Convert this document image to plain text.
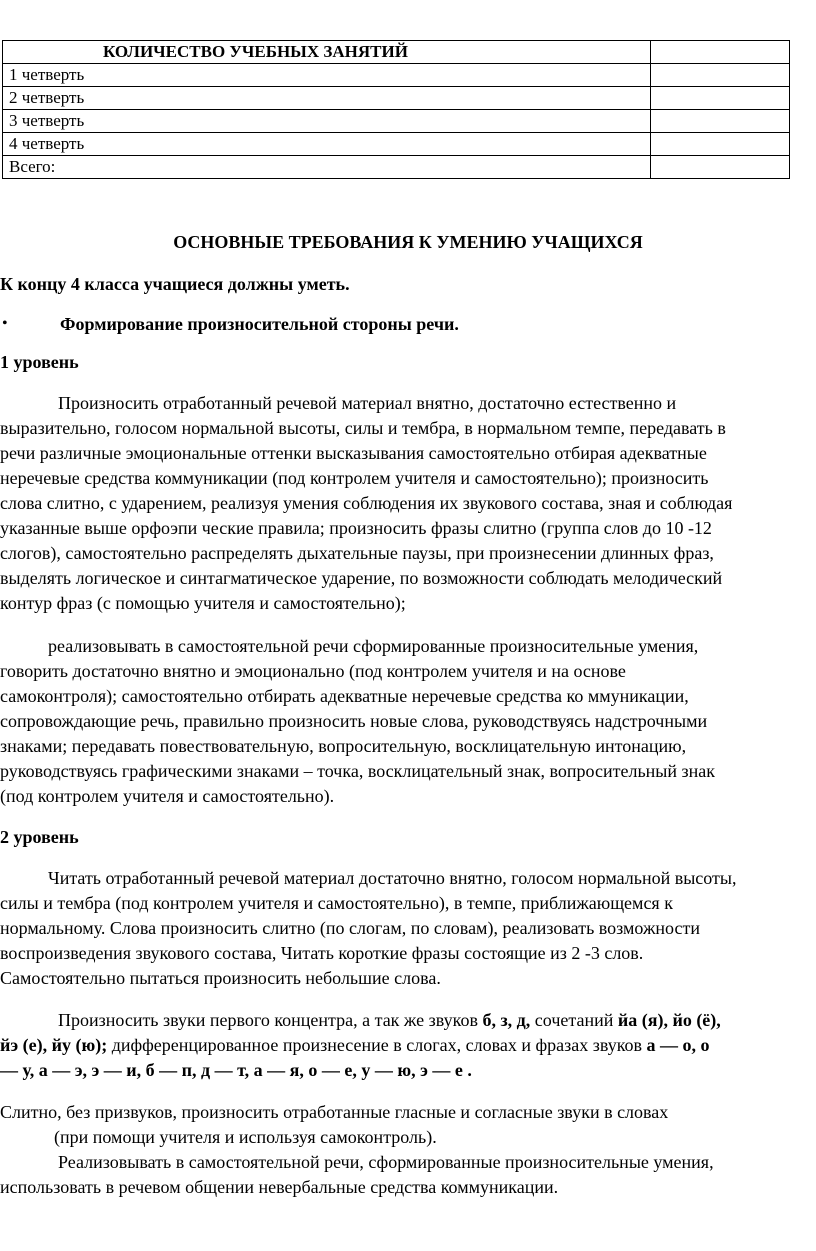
КОЛИЧЕСТВО УЧЕБНЫХ ЗАНЯТИЙ	
1 четверть	
2 четверть	
3 четверть	
4 четверть	
Всего:	
ОСНОВНЫЕ ТРЕБОВАНИЯ К УМЕНИЮ УЧАЩИХСЯ
К концу 4 класса учащиеся должны уметь.
•	Формирование произносительной стороны речи.
1 уровень
Произносить отработанный речевой материал внятно, достаточно естественно и
выразительно, голосом нормальной высоты, силы и тембра, в нормальном темпе, передавать в
речи различные эмоциональные оттенки высказывания самостоятельно отбирая адекватные
неречевые средства коммуникации (под контролем учителя и самостоятельно); произносить
слова слитно, с ударением, реализуя умения соблюдения их звукового состава, зная и соблюдая
указанные выше орфоэпи ческие правила; произносить фразы слитно (группа слов до 10 -12
слогов), самостоятельно распределять дыхательные паузы, при произнесении длинных фраз,
выделять логическое и синтагматическое ударение, по возможности соблюдать мелодический
контур фраз (с помощью учителя и самостоятельно);
реализовывать в самостоятельной речи сформированные произносительные умения,
говорить достаточно внятно и эмоционально (под контролем учителя и на основе
самоконтроля); самостоятельно отбирать адекватные неречевые средства ко ммуникации,
сопровождающие речь, правильно произносить новые слова, руководствуясь надстрочными
знаками; передавать повествовательную, вопросительную, восклицательную интонацию,
руководствуясь графическими знаками – точка, восклицательный знак, вопросительный знак
(под контролем учителя и самостоятельно).
2 уровень
Читать отработанный речевой материал достаточно внятно, голосом нормальной высоты,
силы и тембра (под контролем учителя и самостоятельно), в темпе, приближающемся к
нормальному. Слова произносить слитно (по слогам, по словам), реализовать возможности
воспроизведения звукового состава, Читать короткие фразы состоящие из 2 -3 слов.
Самостоятельно пытаться произносить небольшие слова.
Произносить звуки первого концентра, а так же звуков б, з, д, сочетаний йа (я), йо (ё),
йэ (е), йу (ю); дифференцированное произнесение в слогах, словах и фразах звуков а — о, о
— у, а — э, э — и, б — п, д — т, а — я, о — е, у — ю, э — е .
Слитно, без призвуков, произносить отработанные гласные и согласные звуки в словах
(при помощи учителя и используя самоконтроль).
Реализовывать в самостоятельной речи, сформированные произносительные умения,
использовать в речевом общении невербальные средства коммуникации.
